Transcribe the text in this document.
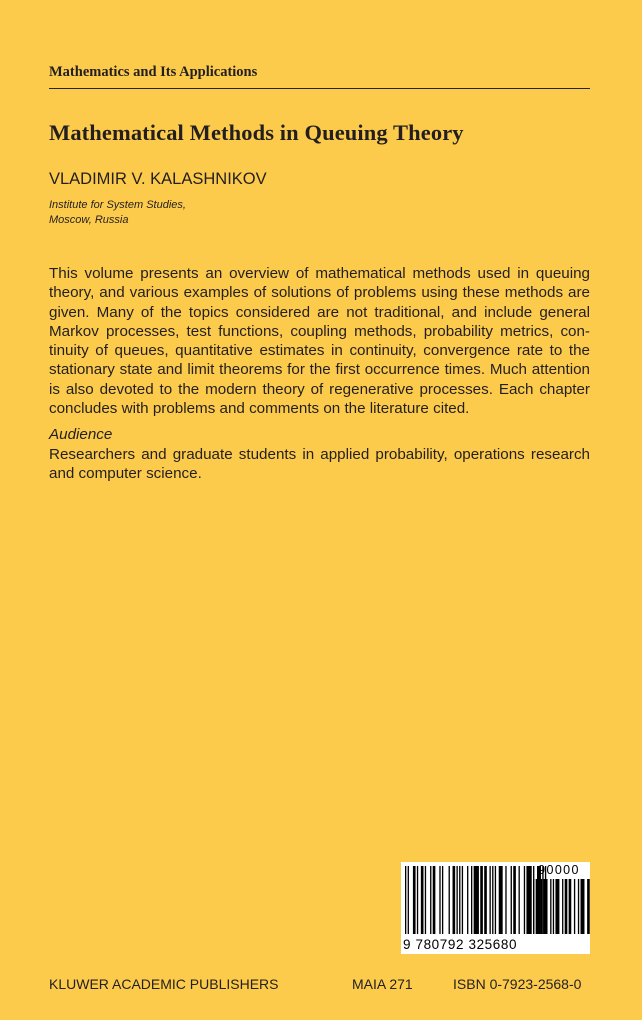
Mathematics and Its Applications
Mathematical Methods in Queuing Theory
VLADIMIR V. KALASHNIKOV
Institute for System Studies,
Moscow, Russia
This volume presents an overview of mathematical methods used in queuing
theory, and various examples of solutions of problems using these methods are
given. Many of the topics considered are not traditional, and include general
Markov processes, test functions, coupling methods, probability metrics, con-
tinuity of queues, quantitative estimates in continuity, convergence rate to the
stationary state and limit theorems for the first occurrence times. Much attention
is also devoted to the modern theory of regenerative processes. Each chapter
concludes with problems and comments on the literature cited.
Audience
Researchers and graduate students in applied probability, operations research
and computer science.
90000
9 780792 325680
KLUWER ACADEMIC PUBLISHERS	MAIA 271	ISBN 0-7923-2568-0
